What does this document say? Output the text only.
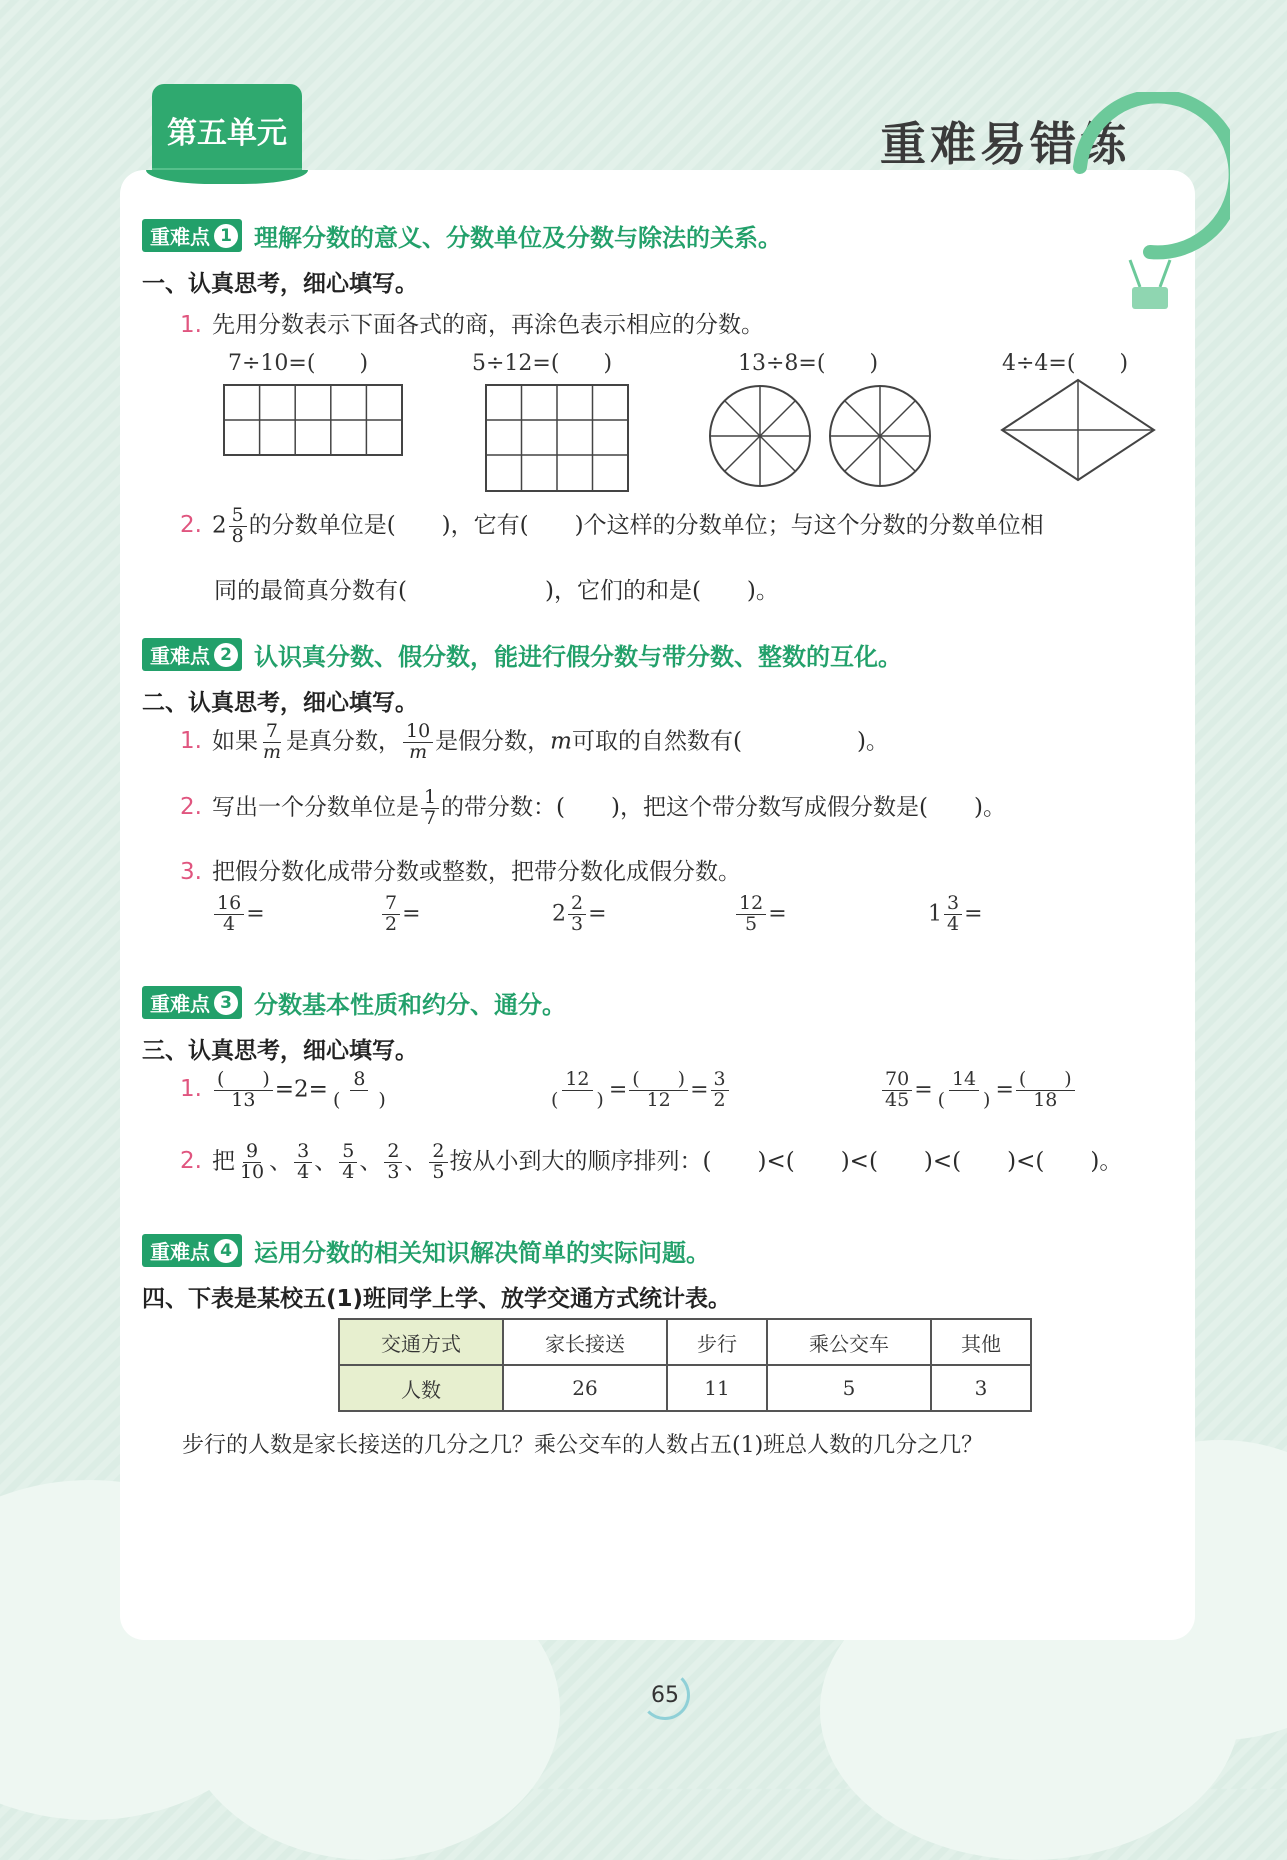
第五单元	重难易错练
重难点 1 理解分数的意义、分数单位及分数与除法的关系。
一、认真思考，细心填写。
1. 先用分数表示下面各式的商，再涂色表示相应的分数。
7÷10=(　　)	5÷12=(　　)	13÷8=(　　)	4÷4=(　　)
2. $2 \frac{5}{8}$ 的分数单位是(　　)，它有(　　)个这样的分数单位；与这个分数的分数单位相
同的最简真分数有(　　　　　　)，它们的和是(　　)。
重难点 2 认识真分数、假分数，能进行假分数与带分数、整数的互化。
二、认真思考，细心填写。
1. 如果 $\frac{7}{m}$ 是真分数， $\frac{10}{m}$ 是假分数，m可取的自然数有(　　　　　)。
2. 写出一个分数单位是 $\frac{1}{7}$ 的带分数：(　　)，把这个带分数写成假分数是(　　)。
3. 把假分数化成带分数或整数，把带分数化成假分数。
$\frac{16}{4}$ =	$\frac{7}{2}$ =	$2 \frac{2}{3}$ =	$\frac{12}{5}$ =	$1 \frac{3}{4}$ =
重难点 3 分数基本性质和约分、通分。
三、认真思考，细心填写。
1. $\frac{( )}{13} =2= \frac{8}{( )}$	$\frac{12}{( )} = \frac{( )}{12} = \frac{3}{2}$	$\frac{70}{45} = \frac{14}{( )} = \frac{( )}{18}$
2. 把 $\frac{9}{10}$ 、 $\frac{3}{4}$ 、 $\frac{5}{4}$ 、 $\frac{2}{3}$ 、 $\frac{2}{5}$ 按从小到大的顺序排列：(　　)<(　　)<(　　)<(　　)<(　　)。
重难点 4 运用分数的相关知识解决简单的实际问题。
四、下表是某校五(1)班同学上学、放学交通方式统计表。
交通方式	家长接送	步行	乘公交车	其他
人数	26	11	5	3
步行的人数是家长接送的几分之几？乘公交车的人数占五(1)班总人数的几分之几？
65
